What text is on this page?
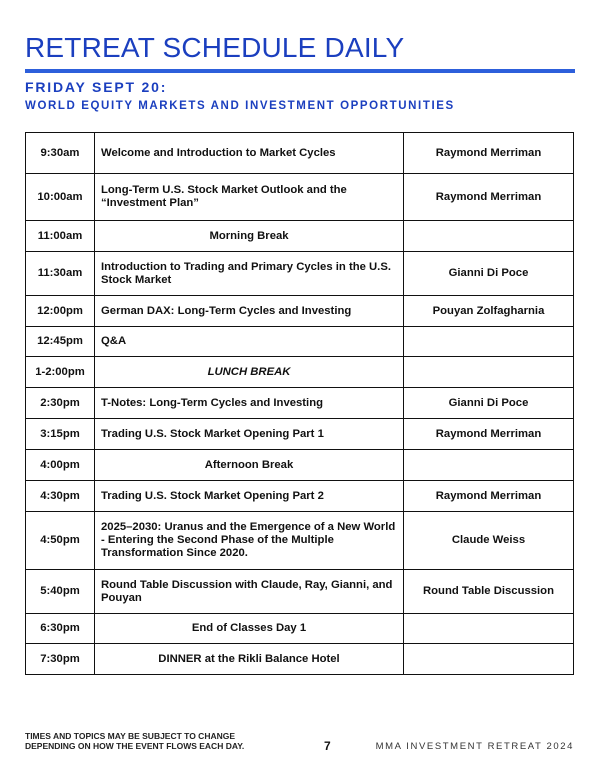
RETREAT SCHEDULE DAILY
FRIDAY SEPT 20:
WORLD EQUITY MARKETS AND INVESTMENT OPPORTUNITIES
9:30am	Welcome and Introduction to Market Cycles	Raymond Merriman
10:00am	Long-Term U.S. Stock Market Outlook and the “Investment Plan”	Raymond Merriman
11:00am	Morning Break	
11:30am	Introduction to Trading and Primary Cycles in the U.S. Stock Market	Gianni Di Poce
12:00pm	German DAX: Long-Term Cycles and Investing	Pouyan Zolfagharnia
12:45pm	Q&A	
1-2:00pm	LUNCH BREAK	
2:30pm	T-Notes: Long-Term Cycles and Investing	Gianni Di Poce
3:15pm	Trading U.S. Stock Market Opening Part 1	Raymond Merriman
4:00pm	Afternoon Break	
4:30pm	Trading U.S. Stock Market Opening Part 2	Raymond Merriman
4:50pm	2025–2030: Uranus and the Emergence of a New World - Entering the Second Phase of the Multiple Transformation Since 2020.	Claude Weiss
5:40pm	Round Table Discussion with Claude, Ray, Gianni, and Pouyan	Round Table Discussion
6:30pm	End of Classes Day 1	
7:30pm	DINNER at the Rikli Balance Hotel	
TIMES AND TOPICS MAY BE SUBJECT TO CHANGE
DEPENDING ON HOW THE EVENT FLOWS EACH DAY.	7	MMA INVESTMENT RETREAT 2024
